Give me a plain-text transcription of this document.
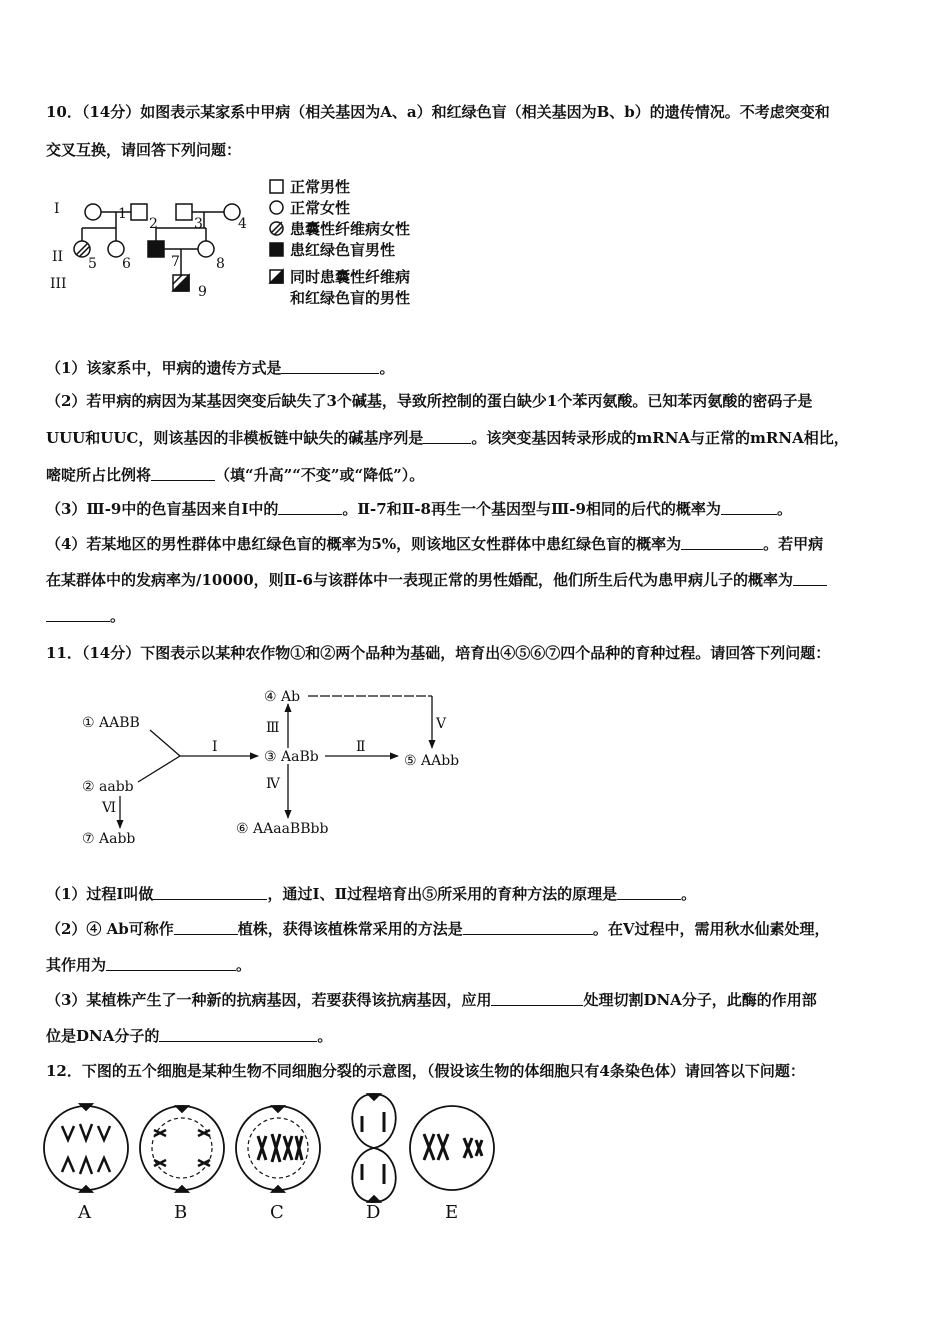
10．（14分）如图表示某家系中甲病（相关基因为A、a）和红绿色盲（相关基因为B、b）的遗传情况。不考虑突变和
交叉互换，请回答下列问题：
I
II
III
1
2	3	4
5 6	7	8
9
正常男性
正常女性
患囊性纤维病女性
患红绿色盲男性
同时患囊性纤维病
和红绿色盲的男性
（1）该家系中，甲病的遗传方式是	。
（2）若甲病的病因为某基因突变后缺失了3个碱基，导致所控制的蛋白缺少1个苯丙氨酸。已知苯丙氨酸的密码子是
UUU和UUC，则该基因的非模板链中缺失的碱基序列是	。该突变基因转录形成的mRNA与正常的mRNA相比，
嘧啶所占比例将	（填“升高”“不变”或“降低”）。
（3）Ⅲ-9中的色盲基因来自Ⅰ中的	。Ⅱ-7和Ⅱ-8再生一个基因型与Ⅲ-9相同的后代的概率为	。
（4）若某地区的男性群体中患红绿色盲的概率为5%，则该地区女性群体中患红绿色盲的概率为	。若甲病
在某群体中的发病率为/10000，则Ⅱ-6与该群体中一表现正常的男性婚配，他们所生后代为患甲病儿子的概率为
。
11．（14分）下图表示以某种农作物①和②两个品种为基础，培育出④⑤⑥⑦四个品种的育种过程。请回答下列问题：
① AABB
② aabb
③ AaBb
④ Ab
⑤ AAbb
⑥ AAaaBBbb
⑦ Aabb
Ⅰ	Ⅱ
Ⅲ
Ⅳ
Ⅴ
Ⅵ
（1）过程Ⅰ叫做	，通过Ⅰ、Ⅱ过程培育出⑤所采用的育种方法的原理是	。
（2）④ Ab可称作	植株，获得该植株常采用的方法是	。在Ⅴ过程中，需用秋水仙素处理，
其作用为	。
（3）某植株产生了一种新的抗病基因，若要获得该抗病基因，应用	处理切割DNA分子，此酶的作用部
位是DNA分子的	。
12．下图的五个细胞是某种生物不同细胞分裂的示意图，（假设该生物的体细胞只有4条染色体）请回答以下问题：
A	B	C	D	E
